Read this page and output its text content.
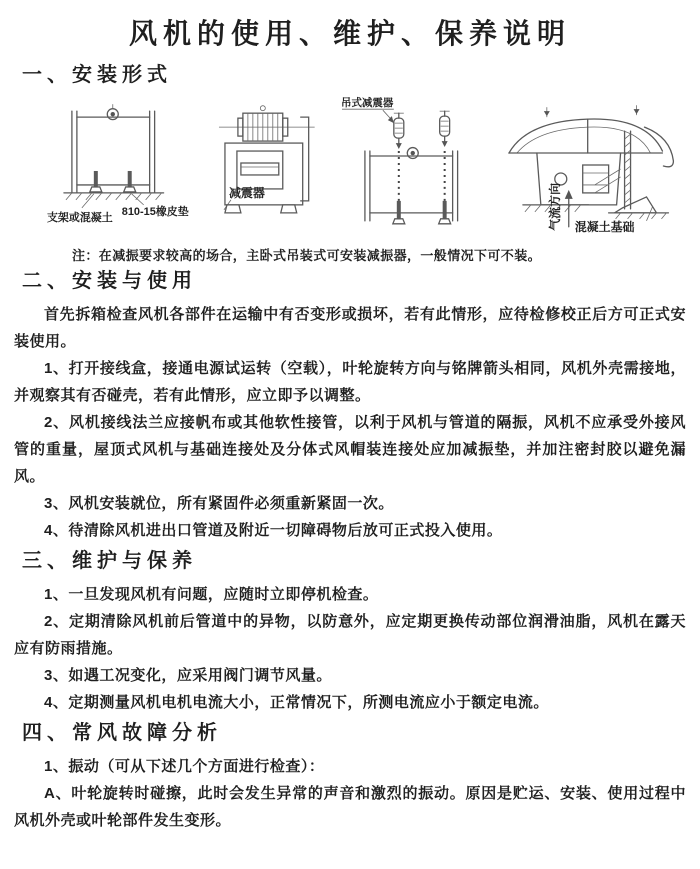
风机的使用、维护、保养说明
一、安装形式
支架或混凝土 810-15橡皮垫
减震器
吊式减震器
气流方向 混凝土基础

注：在减振要求较高的场合，主卧式吊装式可安装减振器，一般情况下可不装。

二、安装与使用

首先拆箱检查风机各部件在运输中有否变形或损坏，若有此情形，应待检修校正后方可正式安装使用。

1、打开接线盒，接通电源试运转（空载），叶轮旋转方向与铭牌箭头相同，风机外壳需接地，并观察其有否碰壳，若有此情形，应立即予以调整。

2、风机接线法兰应接帆布或其他软性接管，以利于风机与管道的隔振，风机不应承受外接风管的重量，屋顶式风机与基础连接处及分体式风帽装连接处应加减振垫，并加注密封胶以避免漏风。

3、风机安装就位，所有紧固件必须重新紧固一次。

4、待清除风机进出口管道及附近一切障碍物后放可正式投入使用。

三、维护与保养

1、一旦发现风机有问题，应随时立即停机检查。

2、定期清除风机前后管道中的异物，以防意外，应定期更换传动部位润滑油脂，风机在露天应有防雨措施。

3、如遇工况变化，应采用阀门调节风量。

4、定期测量风机电机电流大小，正常情况下，所测电流应小于额定电流。

四、常风故障分析

1、振动（可从下述几个方面进行检查）：

A、叶轮旋转时碰擦，此时会发生异常的声音和激烈的振动。原因是贮运、安装、使用过程中风机外壳或叶轮部件发生变形。
